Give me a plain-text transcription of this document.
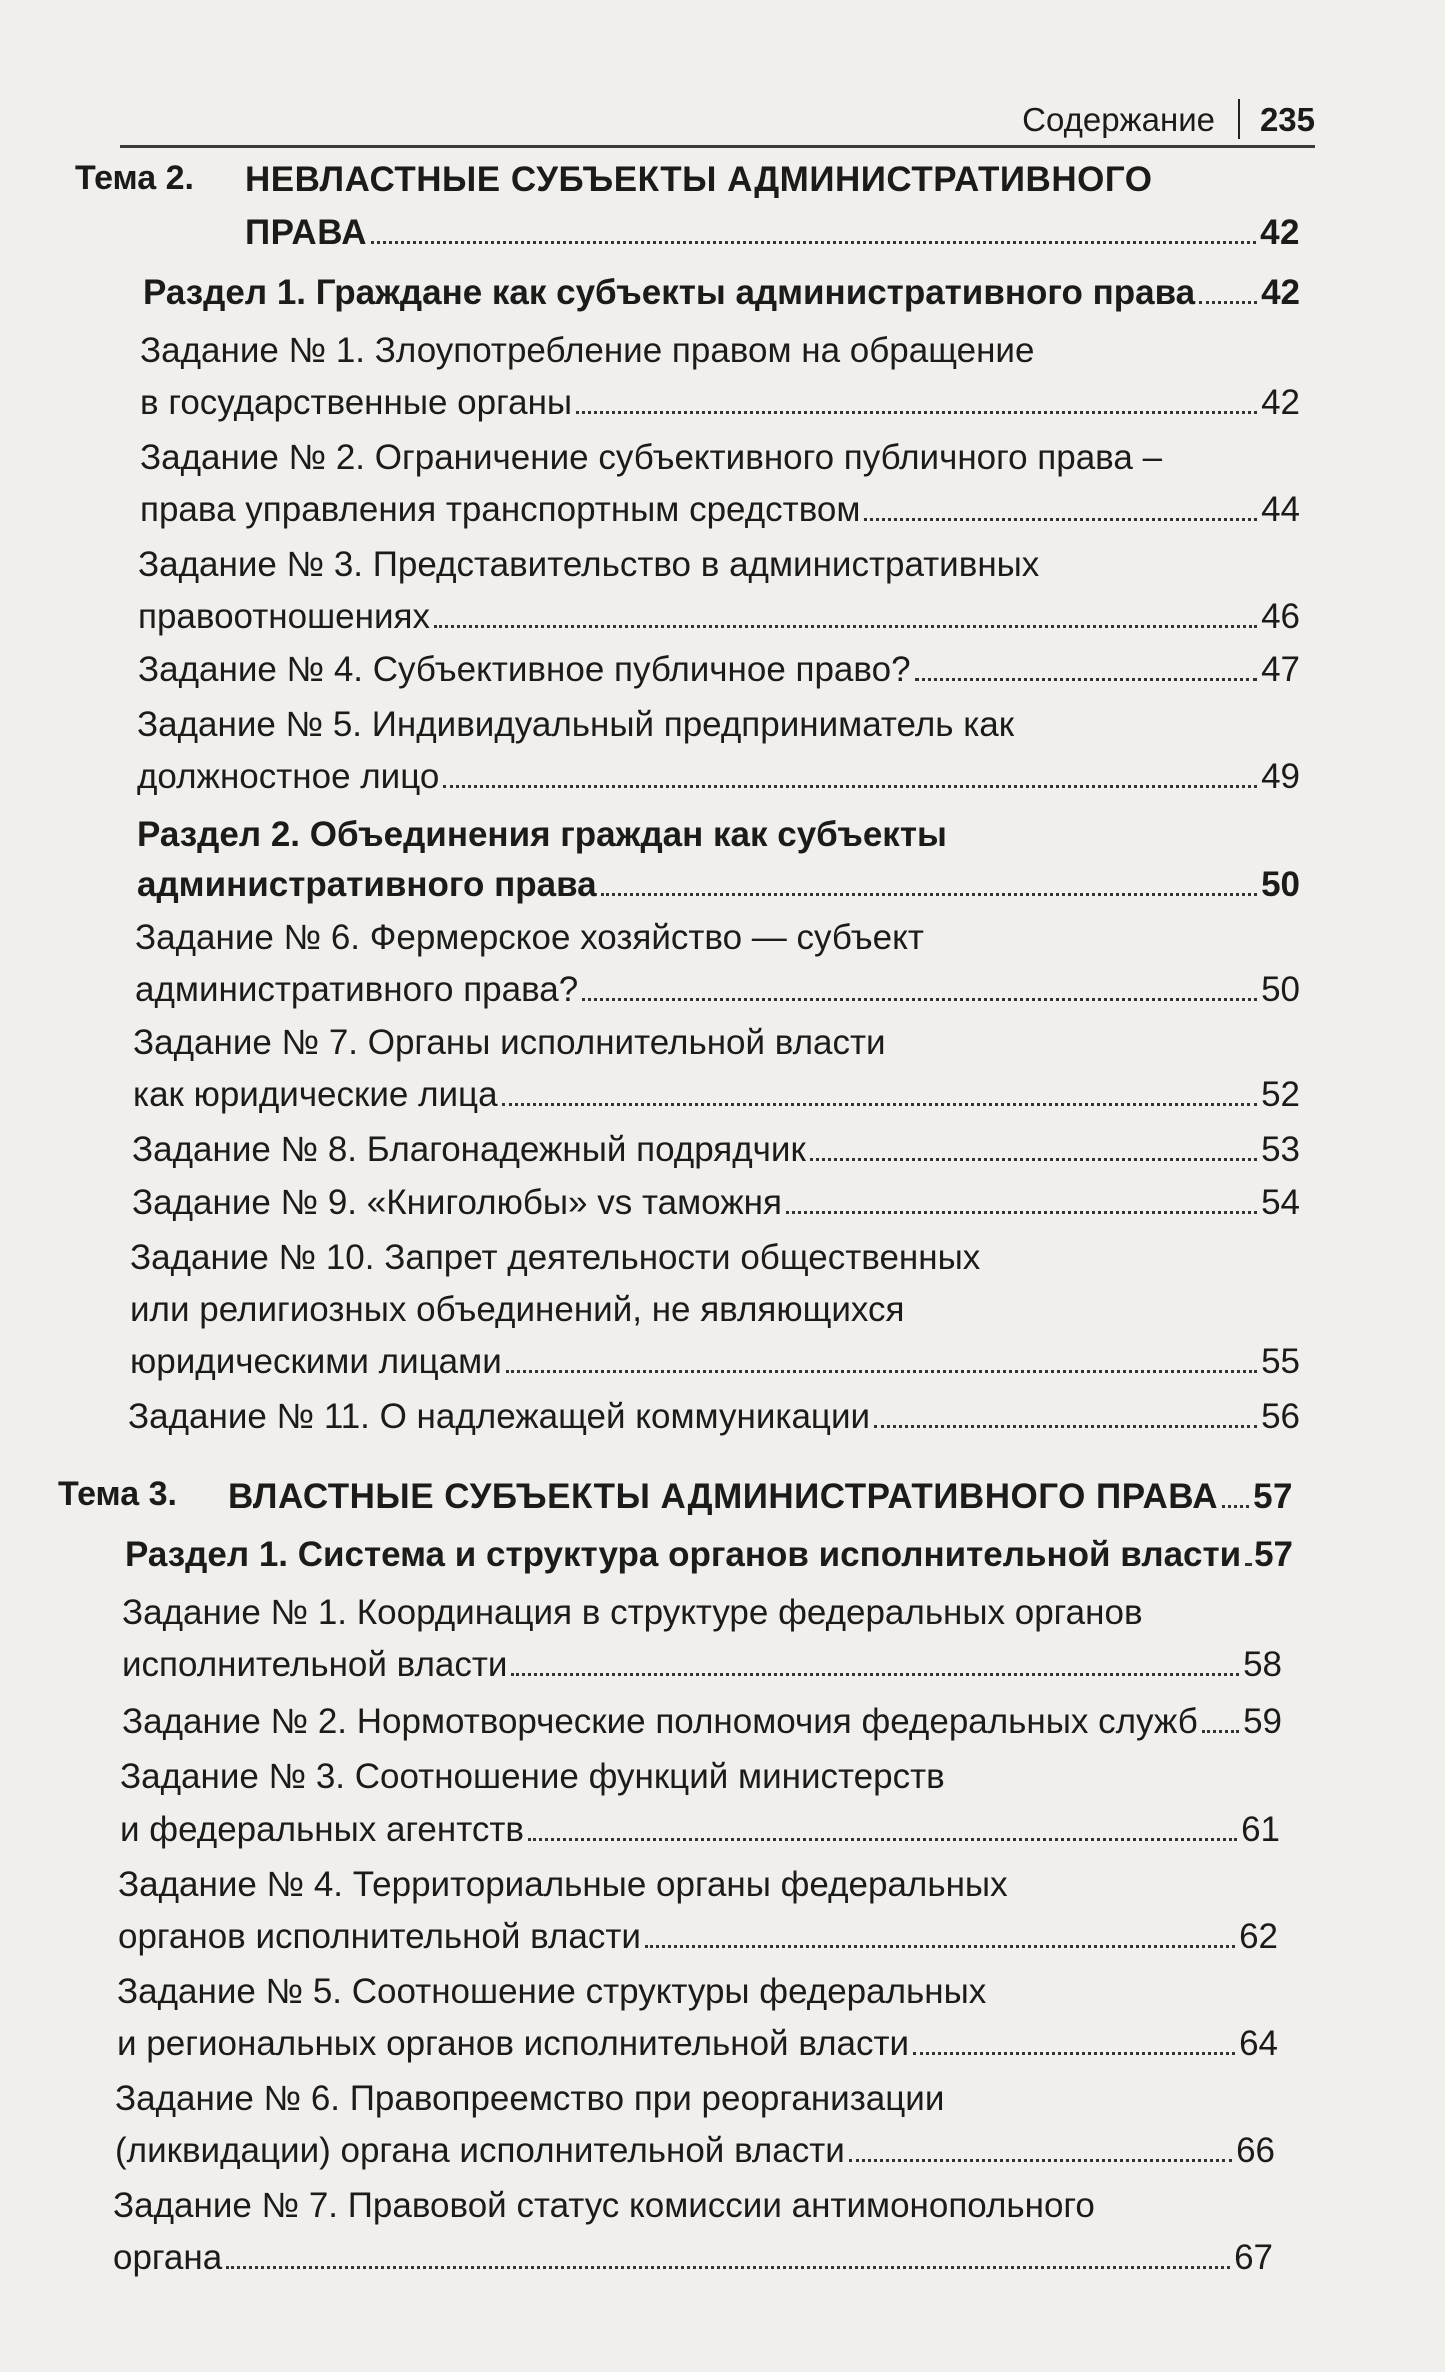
Содержание 235
Тема 2. НЕВЛАСТНЫЕ СУБЪЕКТЫ АДМИНИСТРАТИВНОГО
ПРАВА	42
Раздел 1. Граждане как субъекты административного права 42
Задание № 1. Злоупотребление правом на обращение
в государственные органы	42
Задание № 2. Ограничение субъективного публичного права –
права управления транспортным средством	44
Задание № 3. Представительство в административных
правоотношениях	46
Задание № 4. Субъективное публичное право?	47
Задание № 5. Индивидуальный предприниматель как
должностное лицо	49
Раздел 2. Объединения граждан как субъекты
административного права	50
Задание № 6. Фермерское хозяйство — субъект
административного права?	50
Задание № 7. Органы исполнительной власти
как юридические лица	52
Задание № 8. Благонадежный подрядчик	53
Задание № 9. «Книголюбы» vs таможня	54
Задание № 10. Запрет деятельности общественных
или религиозных объединений, не являющихся
юридическими лицами	55
Задание № 11. О надлежащей коммуникации	56
Тема 3. ВЛАСТНЫЕ СУБЪЕКТЫ АДМИНИСТРАТИВНОГО ПРАВА 57
Раздел 1. Система и структура органов исполнительной власти 57
Задание № 1. Координация в структуре федеральных органов
исполнительной власти	58
Задание № 2. Нормотворческие полномочия федеральных служб 59
Задание № 3. Соотношение функций министерств
и федеральных агентств	61
Задание № 4. Территориальные органы федеральных
органов исполнительной власти	62
Задание № 5. Соотношение структуры федеральных
и региональных органов исполнительной власти	64
Задание № 6. Правопреемство при реорганизации
(ликвидации) органа исполнительной власти	66
Задание № 7. Правовой статус комиссии антимонопольного
органа	67
